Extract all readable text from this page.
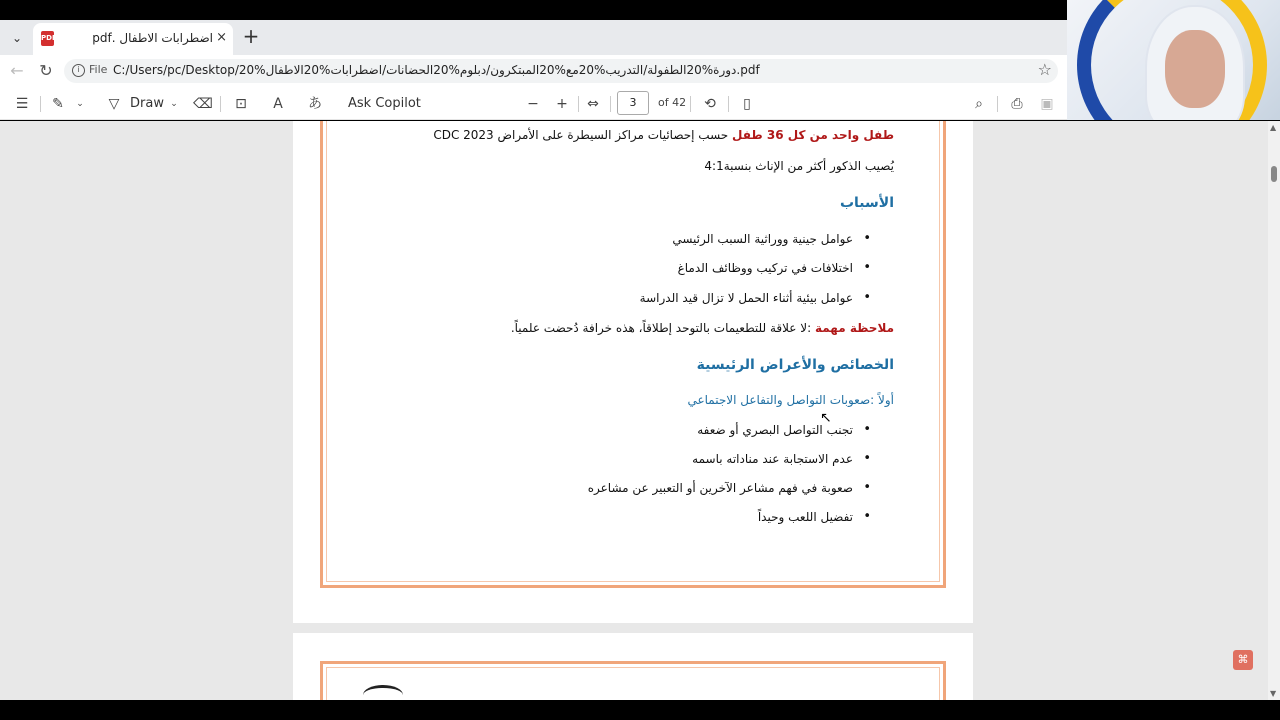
⌄	PDF	اضطرابات الاطفال .pdf × +
← ↻	i File C:/Users/pc/Desktop/20%دورة%20الطفولة/التدريب%20مع%20المبتكرون/دبلوم%20الحضانات/اضطرابات%20الاطفال.pdf	☆
☰ ✎	⌄	▽ Draw ⌄	⌫ ⊡	A	あ Ask Copilot	− + ⇔	3	of 42 ⟲	▯	⌕	⎙	▣
طفل واحد من كل 36 طفل حسب إحصائيات مراكز السيطرة على الأمراض CDC 2023
يُصيب الذكور أكثر من الإناث بنسبة4:1
الأسباب
• عوامل جينية ووراثية السبب الرئيسي
• اختلافات في تركيب ووظائف الدماغ
• عوامل بيئية أثناء الحمل لا تزال قيد الدراسة
ملاحظة مهمة :لا علاقة للتطعيمات بالتوحد إطلاقاً، هذه خرافة دُحضت علمياً.
الخصائص والأعراض الرئيسية
أولاً :صعوبات التواصل والتفاعل الاجتماعي
• تجنب التواصل البصري أو ضعفه
• عدم الاستجابة عند مناداته باسمه
• صعوبة في فهم مشاعر الآخرين أو التعبير عن مشاعره
• تفضيل اللعب وحيداً
▲
▼
⌘
↖
